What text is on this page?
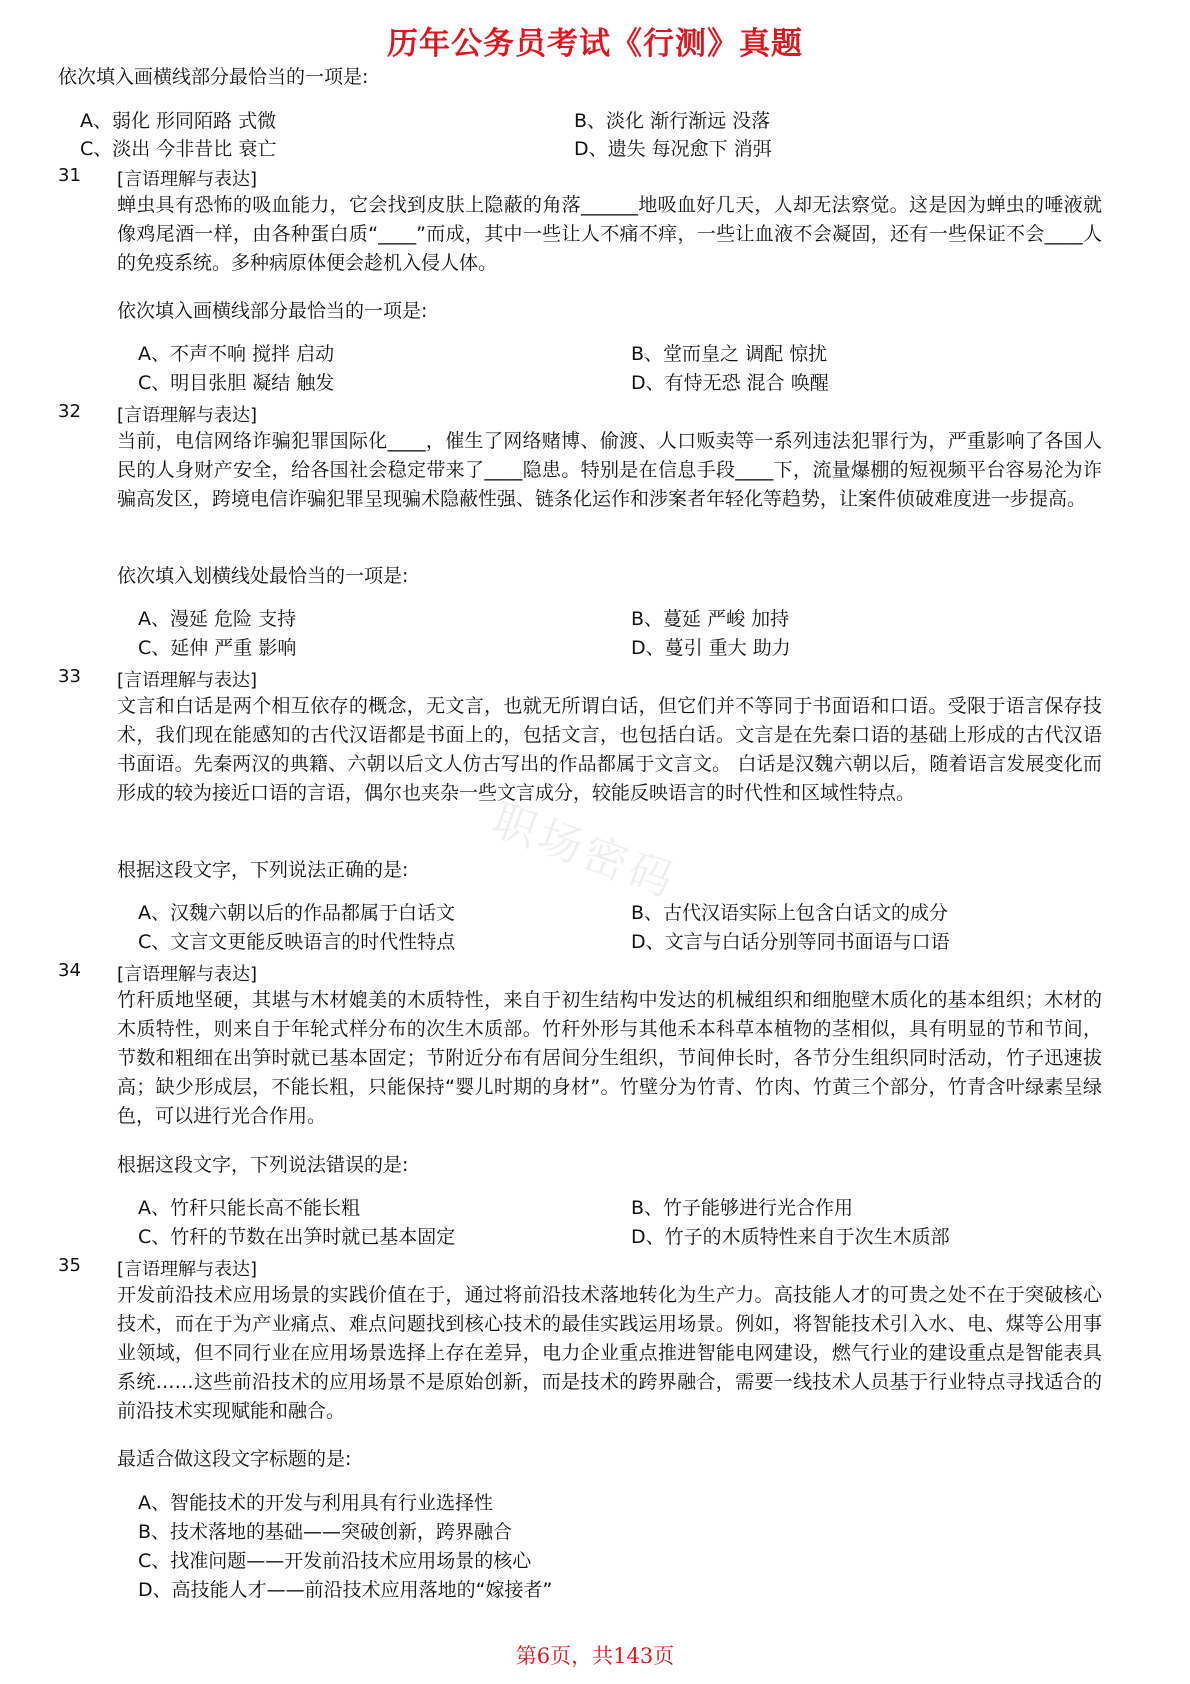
历年公务员考试《行测》真题
依次填入画横线部分最恰当的一项是:
A、弱化 形同陌路 式微	B、淡化 渐行渐远 没落
C、淡出 今非昔比 衰亡	D、遗失 每况愈下 消弭
31 [言语理解与表达]
蝉虫具有恐怖的吸血能力，它会找到皮肤上隐蔽的角落______地吸血好几天，人却无法察觉。这是因为蝉虫的唾液就像鸡尾酒一样，由各种蛋白质“____”而成，其中一些让人不痛不痒，一些让血液不会凝固，还有一些保证不会____人的免疫系统。多种病原体便会趁机入侵人体。
依次填入画横线部分最恰当的一项是:
A、不声不响 搅拌 启动	B、堂而皇之 调配 惊扰
C、明目张胆 凝结 触发	D、有恃无恐 混合 唤醒
32 [言语理解与表达]
当前，电信网络诈骗犯罪国际化____，催生了网络赌博、偷渡、人口贩卖等一系列违法犯罪行为，严重影响了各国人民的人身财产安全，给各国社会稳定带来了____隐患。特别是在信息手段____下，流量爆棚的短视频平台容易沦为诈骗高发区，跨境电信诈骗犯罪呈现骗术隐蔽性强、链条化运作和涉案者年轻化等趋势，让案件侦破难度进一步提高。
依次填入划横线处最恰当的一项是:
A、漫延 危险 支持	B、蔓延 严峻 加持
C、延伸 严重 影响	D、蔓引 重大 助力
33 [言语理解与表达]
文言和白话是两个相互依存的概念，无文言，也就无所谓白话，但它们并不等同于书面语和口语。受限于语言保存技术，我们现在能感知的古代汉语都是书面上的，包括文言，也包括白话。文言是在先秦口语的基础上形成的古代汉语书面语。先秦两汉的典籍、六朝以后文人仿古写出的作品都属于文言文。 白话是汉魏六朝以后，随着语言发展变化而形成的较为接近口语的言语，偶尔也夹杂一些文言成分，较能反映语言的时代性和区域性特点。
根据这段文字，下列说法正确的是:
A、汉魏六朝以后的作品都属于白话文	B、古代汉语实际上包含白话文的成分
C、文言文更能反映语言的时代性特点	D、文言与白话分别等同书面语与口语
34 [言语理解与表达]
竹秆质地坚硬，其堪与木材媲美的木质特性，来自于初生结构中发达的机械组织和细胞壁木质化的基本组织；木材的木质特性，则来自于年轮式样分布的次生木质部。竹秆外形与其他禾本科草本植物的茎相似，具有明显的节和节间，节数和粗细在出笋时就已基本固定；节附近分布有居间分生组织，节间伸长时，各节分生组织同时活动，竹子迅速拔高；缺少形成层，不能长粗，只能保持“婴儿时期的身材”。竹壁分为竹青、竹肉、竹黄三个部分，竹青含叶绿素呈绿色，可以进行光合作用。
根据这段文字，下列说法错误的是:
A、竹秆只能长高不能长粗	B、竹子能够进行光合作用
C、竹秆的节数在出笋时就已基本固定	D、竹子的木质特性来自于次生木质部
35 [言语理解与表达]
开发前沿技术应用场景的实践价值在于，通过将前沿技术落地转化为生产力。高技能人才的可贵之处不在于突破核心技术，而在于为产业痛点、难点问题找到核心技术的最佳实践运用场景。例如，将智能技术引入水、电、煤等公用事业领域，但不同行业在应用场景选择上存在差异，电力企业重点推进智能电网建设，燃气行业的建设重点是智能表具系统……这些前沿技术的应用场景不是原始创新，而是技术的跨界融合，需要一线技术人员基于行业特点寻找适合的前沿技术实现赋能和融合。
最适合做这段文字标题的是:
A、智能技术的开发与利用具有行业选择性
B、技术落地的基础——突破创新，跨界融合
C、找准问题——开发前沿技术应用场景的核心
D、高技能人才——前沿技术应用落地的“嫁接者”
职场密码
第6页，共143页
